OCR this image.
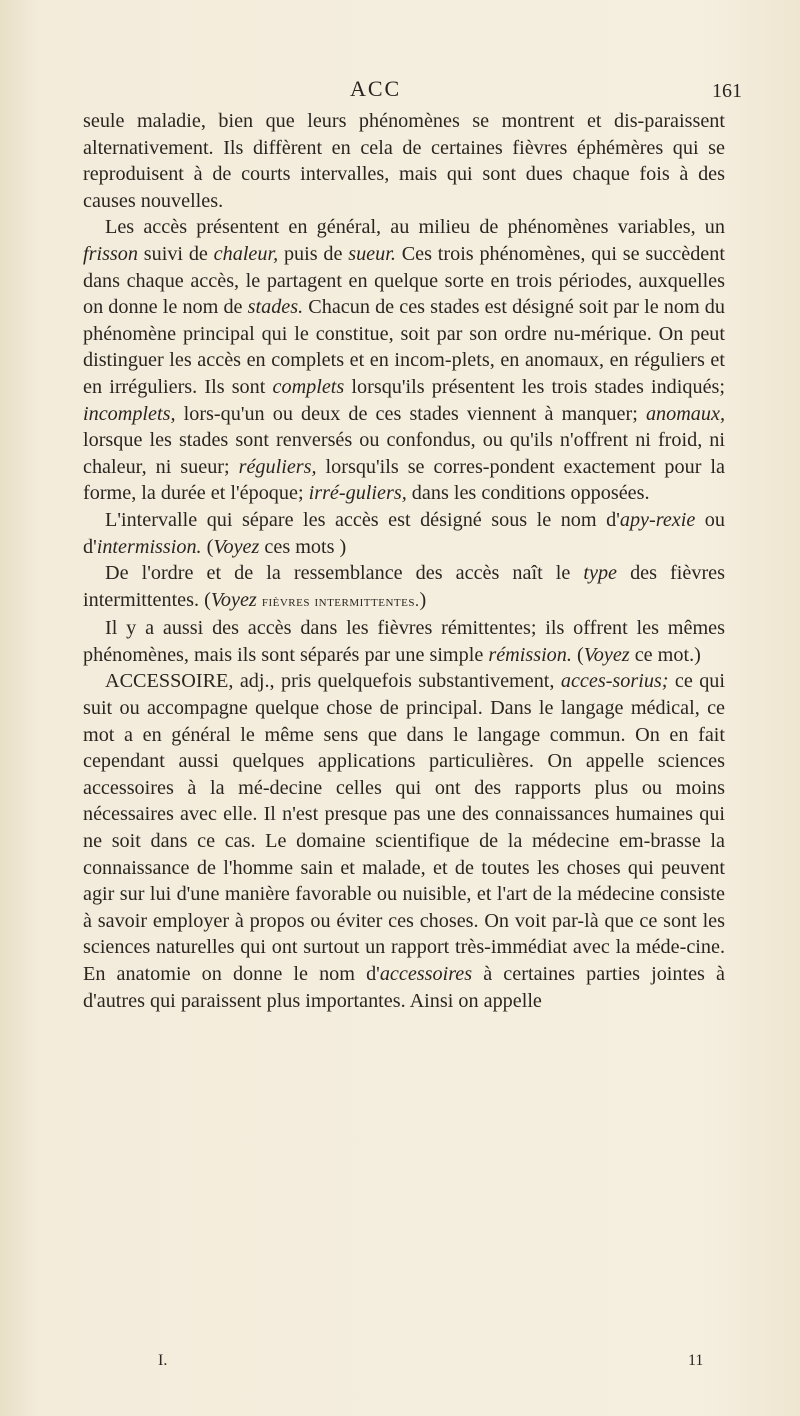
ACC	161

seule maladie, bien que leurs phénomènes se montrent et dis-paraissent alternativement. Ils diffèrent en cela de certaines fièvres éphémères qui se reproduisent à de courts intervalles, mais qui sont dues chaque fois à des causes nouvelles.

Les accès présentent en général, au milieu de phénomènes variables, un frisson suivi de chaleur, puis de sueur. Ces trois phénomènes, qui se succèdent dans chaque accès, le partagent en quelque sorte en trois périodes, auxquelles on donne le nom de stades. Chacun de ces stades est désigné soit par le nom du phénomène principal qui le constitue, soit par son ordre nu-mérique. On peut distinguer les accès en complets et en incom-plets, en anomaux, en réguliers et en irréguliers. Ils sont complets lorsqu'ils présentent les trois stades indiqués; incomplets, lors-qu'un ou deux de ces stades viennent à manquer; anomaux, lorsque les stades sont renversés ou confondus, ou qu'ils n'offrent ni froid, ni chaleur, ni sueur; réguliers, lorsqu'ils se corres-pondent exactement pour la forme, la durée et l'époque; irré-guliers, dans les conditions opposées.

L'intervalle qui sépare les accès est désigné sous le nom d'apy-rexie ou d'intermission. (Voyez ces mots )

De l'ordre et de la ressemblance des accès naît le type des fièvres intermittentes. (Voyez fièvres intermittentes.)

Il y a aussi des accès dans les fièvres rémittentes; ils offrent les mêmes phénomènes, mais ils sont séparés par une simple rémission. (Voyez ce mot.)

ACCESSOIRE, adj., pris quelquefois substantivement, acces-sorius; ce qui suit ou accompagne quelque chose de principal. Dans le langage médical, ce mot a en général le même sens que dans le langage commun. On en fait cependant aussi quelques applications particulières. On appelle sciences accessoires à la mé-decine celles qui ont des rapports plus ou moins nécessaires avec elle. Il n'est presque pas une des connaissances humaines qui ne soit dans ce cas. Le domaine scientifique de la médecine em-brasse la connaissance de l'homme sain et malade, et de toutes les choses qui peuvent agir sur lui d'une manière favorable ou nuisible, et l'art de la médecine consiste à savoir employer à propos ou éviter ces choses. On voit par-là que ce sont les sciences naturelles qui ont surtout un rapport très-immédiat avec la méde-cine. En anatomie on donne le nom d'accessoires à certaines parties jointes à d'autres qui paraissent plus importantes. Ainsi on appelle

I.	11
